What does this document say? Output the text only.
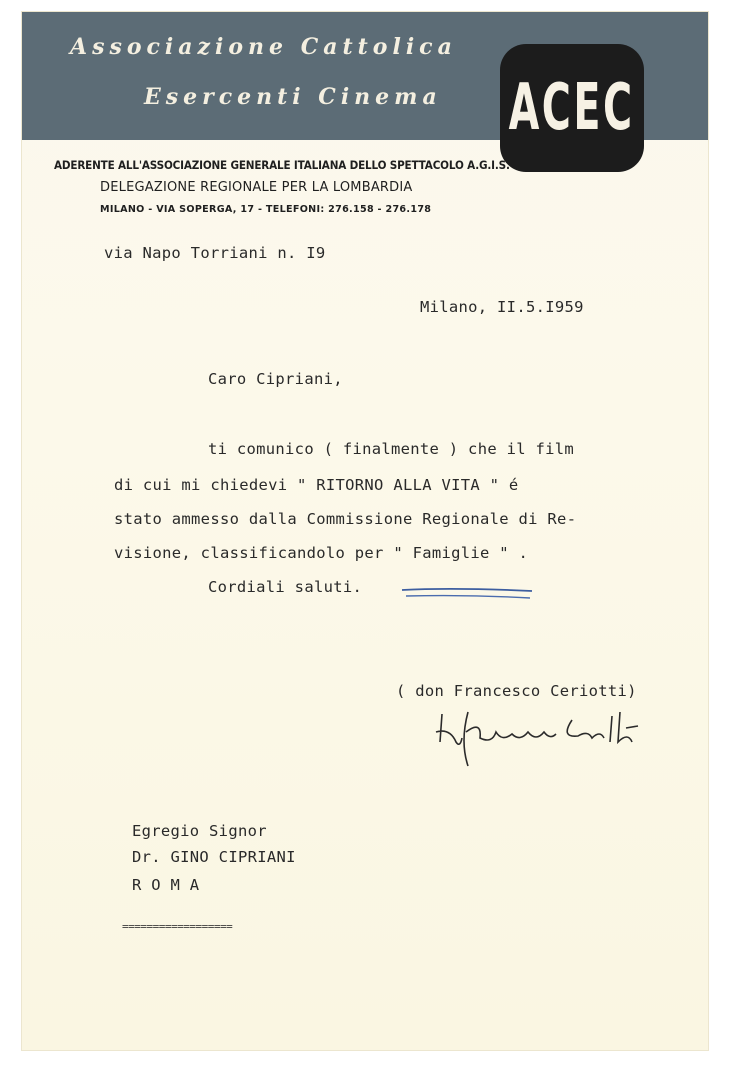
Associazione Cattolica
Esercenti Cinema ACEC
ADERENTE ALL'ASSOCIAZIONE GENERALE ITALIANA DELLO SPETTACOLO A.G.I.S.
DELEGAZIONE REGIONALE PER LA LOMBARDIA
MILANO - VIA SOPERGA, 17 - TELEFONI: 276.158 - 276.178
via Napo Torriani n. I9
Milano, II.5.I959
Caro Cipriani,
ti comunico ( finalmente ) che il film
di cui mi chiedevi " RITORNO ALLA VITA " é
stato ammesso dalla Commissione Regionale di Re-
visione, classificandolo per " Famiglie " .
Cordiali saluti.
( don Francesco Ceriotti)
Egregio Signor
Dr. GINO CIPRIANI
R O M A
==================
